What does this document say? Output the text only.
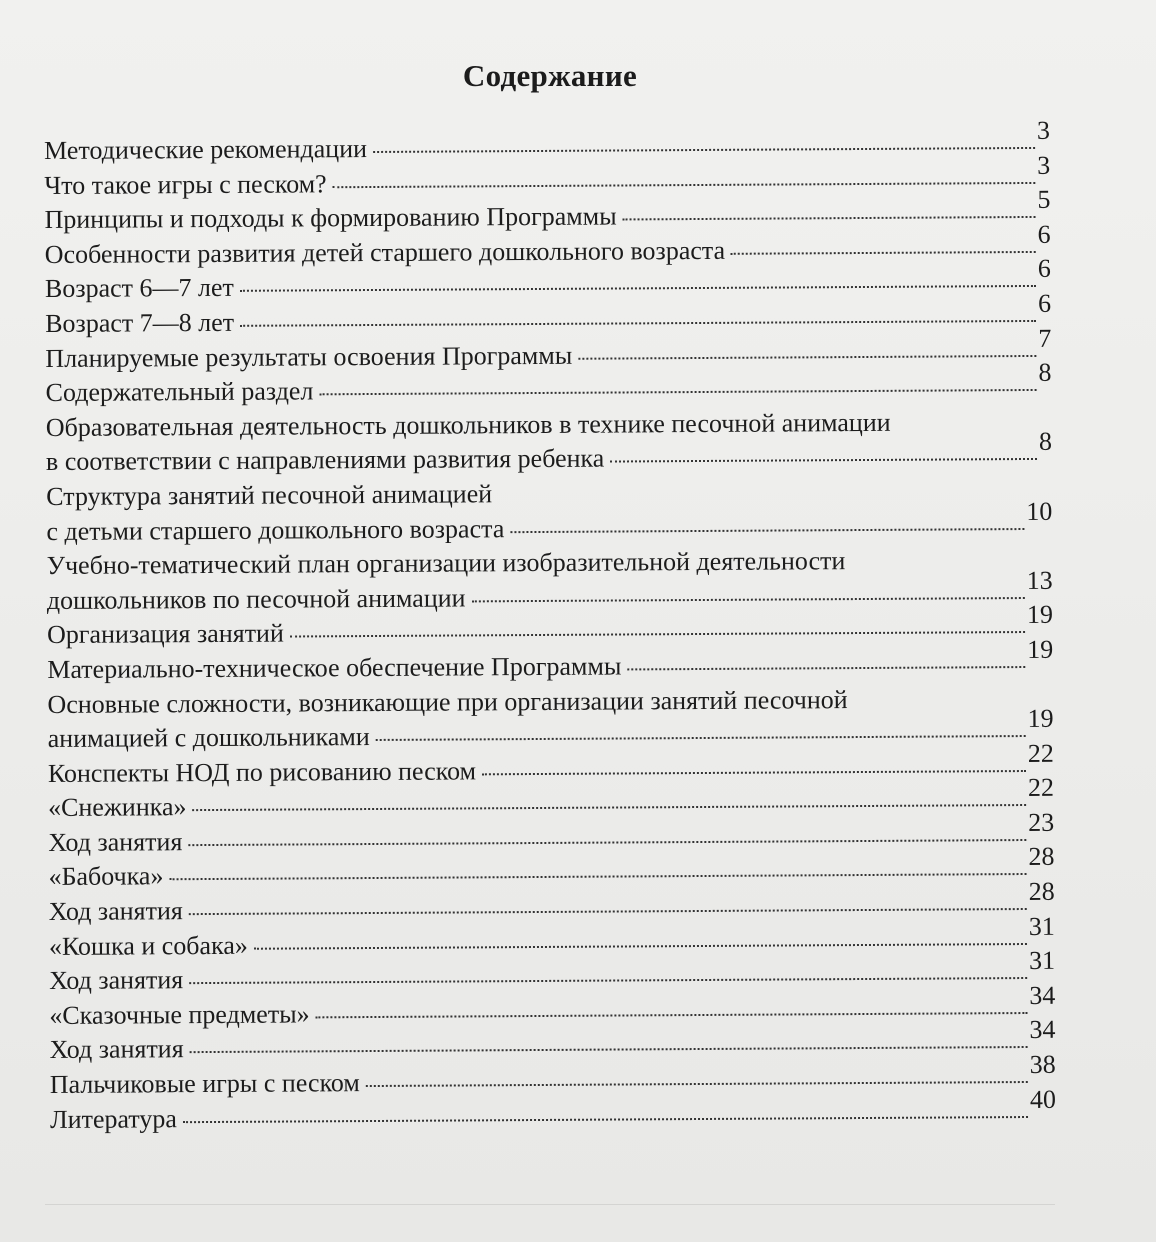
Содержание
Методические рекомендации
3
Что такое игры с песком?
3
Принципы и подходы к формированию Программы
5
Особенности развития детей старшего дошкольного возраста
6
Возраст 6—7 лет
6
Возраст 7—8 лет
6
Планируемые результаты освоения Программы
7
Содержательный раздел
8
Образовательная деятельность дошкольников в технике песочной анимации
в соответствии с направлениями развития ребенка
8
Структура занятий песочной анимацией
с детьми старшего дошкольного возраста
10
Учебно-тематический план организации изобразительной деятельности
дошкольников по песочной анимации
13
Организация занятий
19
Материально-техническое обеспечение Программы
19
Основные сложности, возникающие при организации занятий песочной
анимацией с дошкольниками
19
Конспекты НОД по рисованию песком
22
«Снежинка»
22
Ход занятия
23
«Бабочка»
28
Ход занятия
28
«Кошка и собака»
31
Ход занятия
31
«Сказочные предметы»
34
Ход занятия
34
Пальчиковые игры с песком
38
Литература
40
